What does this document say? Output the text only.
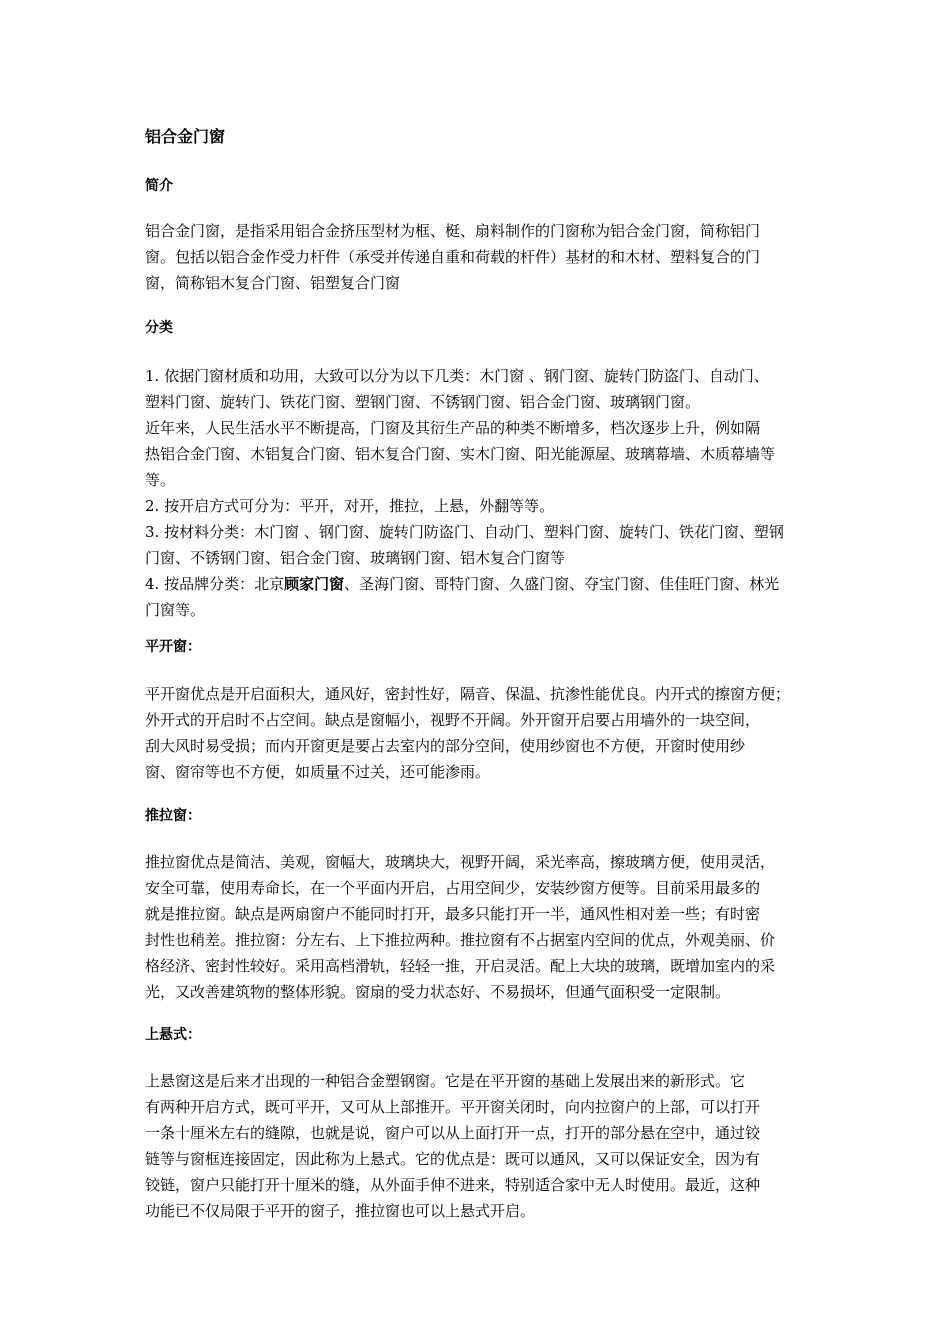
铝合金门窗
简介
铝合金门窗，是指采用铝合金挤压型材为框、梃、扇料制作的门窗称为铝合金门窗，简称铝门
窗。包括以铝合金作受力杆件（承受并传递自重和荷载的杆件）基材的和木材、塑料复合的门
窗，简称铝木复合门窗、铝塑复合门窗
分类
1. 依据门窗材质和功用，大致可以分为以下几类：木门窗 、钢门窗、旋转门防盗门、自动门、
塑料门窗、旋转门、铁花门窗、塑钢门窗、不锈钢门窗、铝合金门窗、玻璃钢门窗。
近年来，人民生活水平不断提高，门窗及其衍生产品的种类不断增多，档次逐步上升，例如隔
热铝合金门窗、木铝复合门窗、铝木复合门窗、实木门窗、阳光能源屋、玻璃幕墙、木质幕墙等
等。
2. 按开启方式可分为：平开，对开，推拉，上悬，外翻等等。
3. 按材料分类：木门窗 、钢门窗、旋转门防盗门、自动门、塑料门窗、旋转门、铁花门窗、塑钢
门窗、不锈钢门窗、铝合金门窗、玻璃钢门窗、铝木复合门窗等
4. 按品牌分类：北京顾家门窗、圣海门窗、哥特门窗、久盛门窗、夺宝门窗、佳佳旺门窗、林光
门窗等。
平开窗：
平开窗优点是开启面积大，通风好，密封性好，隔音、保温、抗渗性能优良。内开式的擦窗方便；
外开式的开启时不占空间。缺点是窗幅小，视野不开阔。外开窗开启要占用墙外的一块空间，
刮大风时易受损；而内开窗更是要占去室内的部分空间，使用纱窗也不方便，开窗时使用纱
窗、窗帘等也不方便，如质量不过关，还可能渗雨。
推拉窗：
推拉窗优点是简洁、美观，窗幅大，玻璃块大，视野开阔，采光率高，擦玻璃方便，使用灵活，
安全可靠，使用寿命长，在一个平面内开启，占用空间少，安装纱窗方便等。目前采用最多的
就是推拉窗。缺点是两扇窗户不能同时打开，最多只能打开一半，通风性相对差一些；有时密
封性也稍差。推拉窗：分左右、上下推拉两种。推拉窗有不占据室内空间的优点，外观美丽、价
格经济、密封性较好。采用高档滑轨，轻轻一推，开启灵活。配上大块的玻璃，既增加室内的采
光，又改善建筑物的整体形貌。窗扇的受力状态好、不易损坏，但通气面积受一定限制。
上悬式：
上悬窗这是后来才出现的一种铝合金塑钢窗。它是在平开窗的基础上发展出来的新形式。它
有两种开启方式，既可平开，又可从上部推开。平开窗关闭时，向内拉窗户的上部，可以打开
一条十厘米左右的缝隙，也就是说，窗户可以从上面打开一点，打开的部分悬在空中，通过铰
链等与窗框连接固定，因此称为上悬式。它的优点是：既可以通风，又可以保证安全，因为有
铰链，窗户只能打开十厘米的缝，从外面手伸不进来，特别适合家中无人时使用。最近，这种
功能已不仅局限于平开的窗子，推拉窗也可以上悬式开启。
